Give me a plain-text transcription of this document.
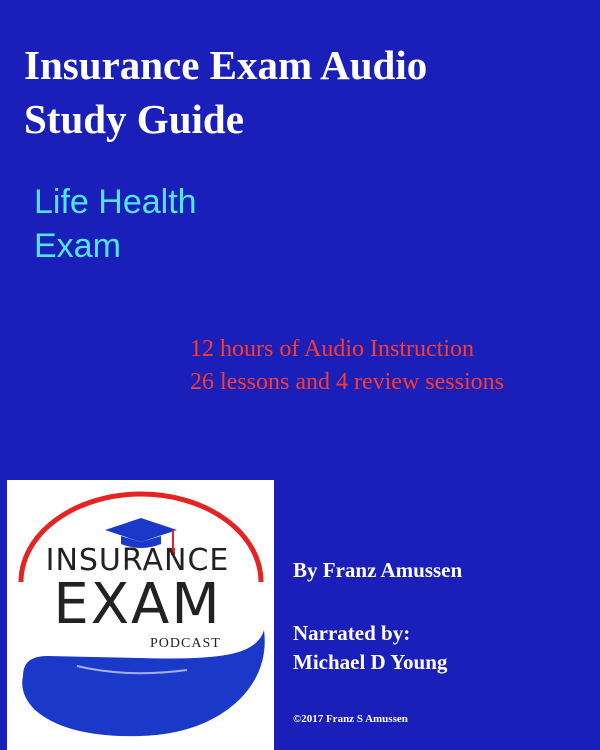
Insurance Exam Audio
Study Guide
Life Health
Exam
12 hours of Audio Instruction
26 lessons and 4 review sessions
INSURANCE
EXAM
PODCAST
By Franz Amussen
Narrated by:
Michael D Young
©2017 Franz S Amussen
